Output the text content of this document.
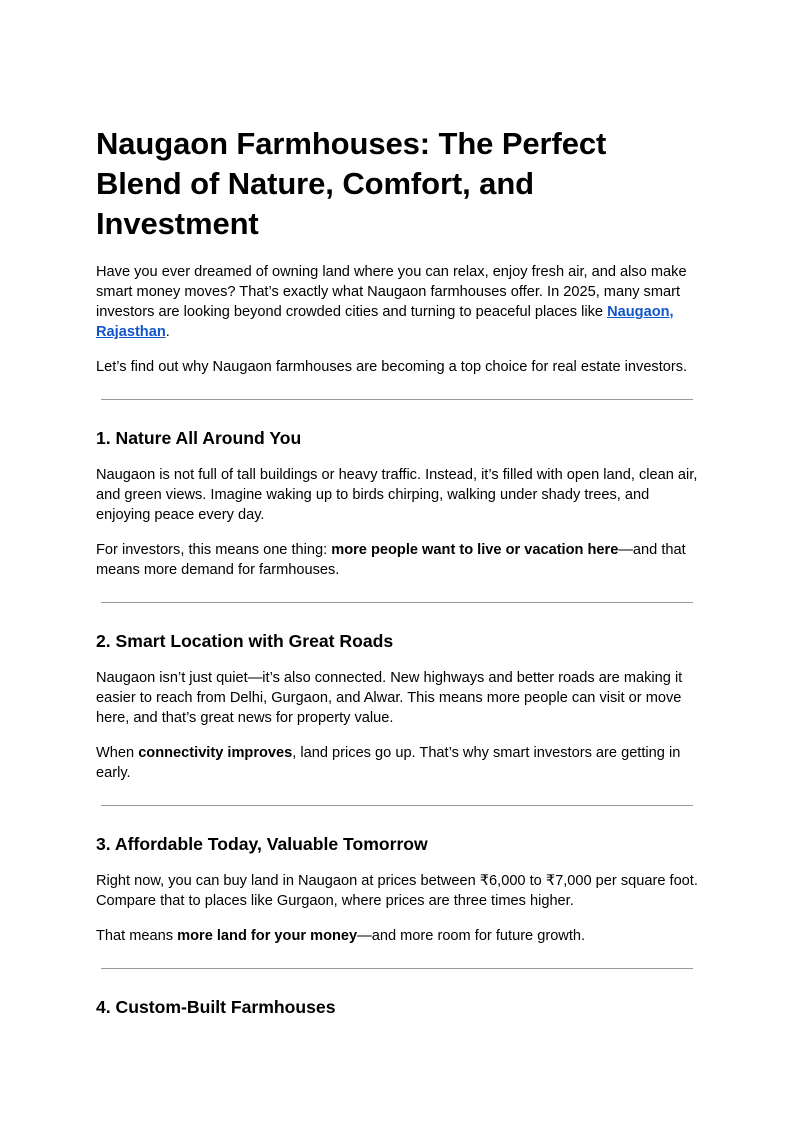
Naugaon Farmhouses: The Perfect Blend of Nature, Comfort, and Investment

Have you ever dreamed of owning land where you can relax, enjoy fresh air, and also make smart money moves? That’s exactly what Naugaon farmhouses offer. In 2025, many smart investors are looking beyond crowded cities and turning to peaceful places like Naugaon, Rajasthan.

Let’s find out why Naugaon farmhouses are becoming a top choice for real estate investors.

1. Nature All Around You

Naugaon is not full of tall buildings or heavy traffic. Instead, it’s filled with open land, clean air, and green views. Imagine waking up to birds chirping, walking under shady trees, and enjoying peace every day.

For investors, this means one thing: more people want to live or vacation here—and that means more demand for farmhouses.

2. Smart Location with Great Roads

Naugaon isn’t just quiet—it’s also connected. New highways and better roads are making it easier to reach from Delhi, Gurgaon, and Alwar. This means more people can visit or move here, and that’s great news for property value.

When connectivity improves, land prices go up. That’s why smart investors are getting in early.

3. Affordable Today, Valuable Tomorrow

Right now, you can buy land in Naugaon at prices between ₹6,000 to ₹7,000 per square foot. Compare that to places like Gurgaon, where prices are three times higher.

That means more land for your money—and more room for future growth.

4. Custom-Built Farmhouses
